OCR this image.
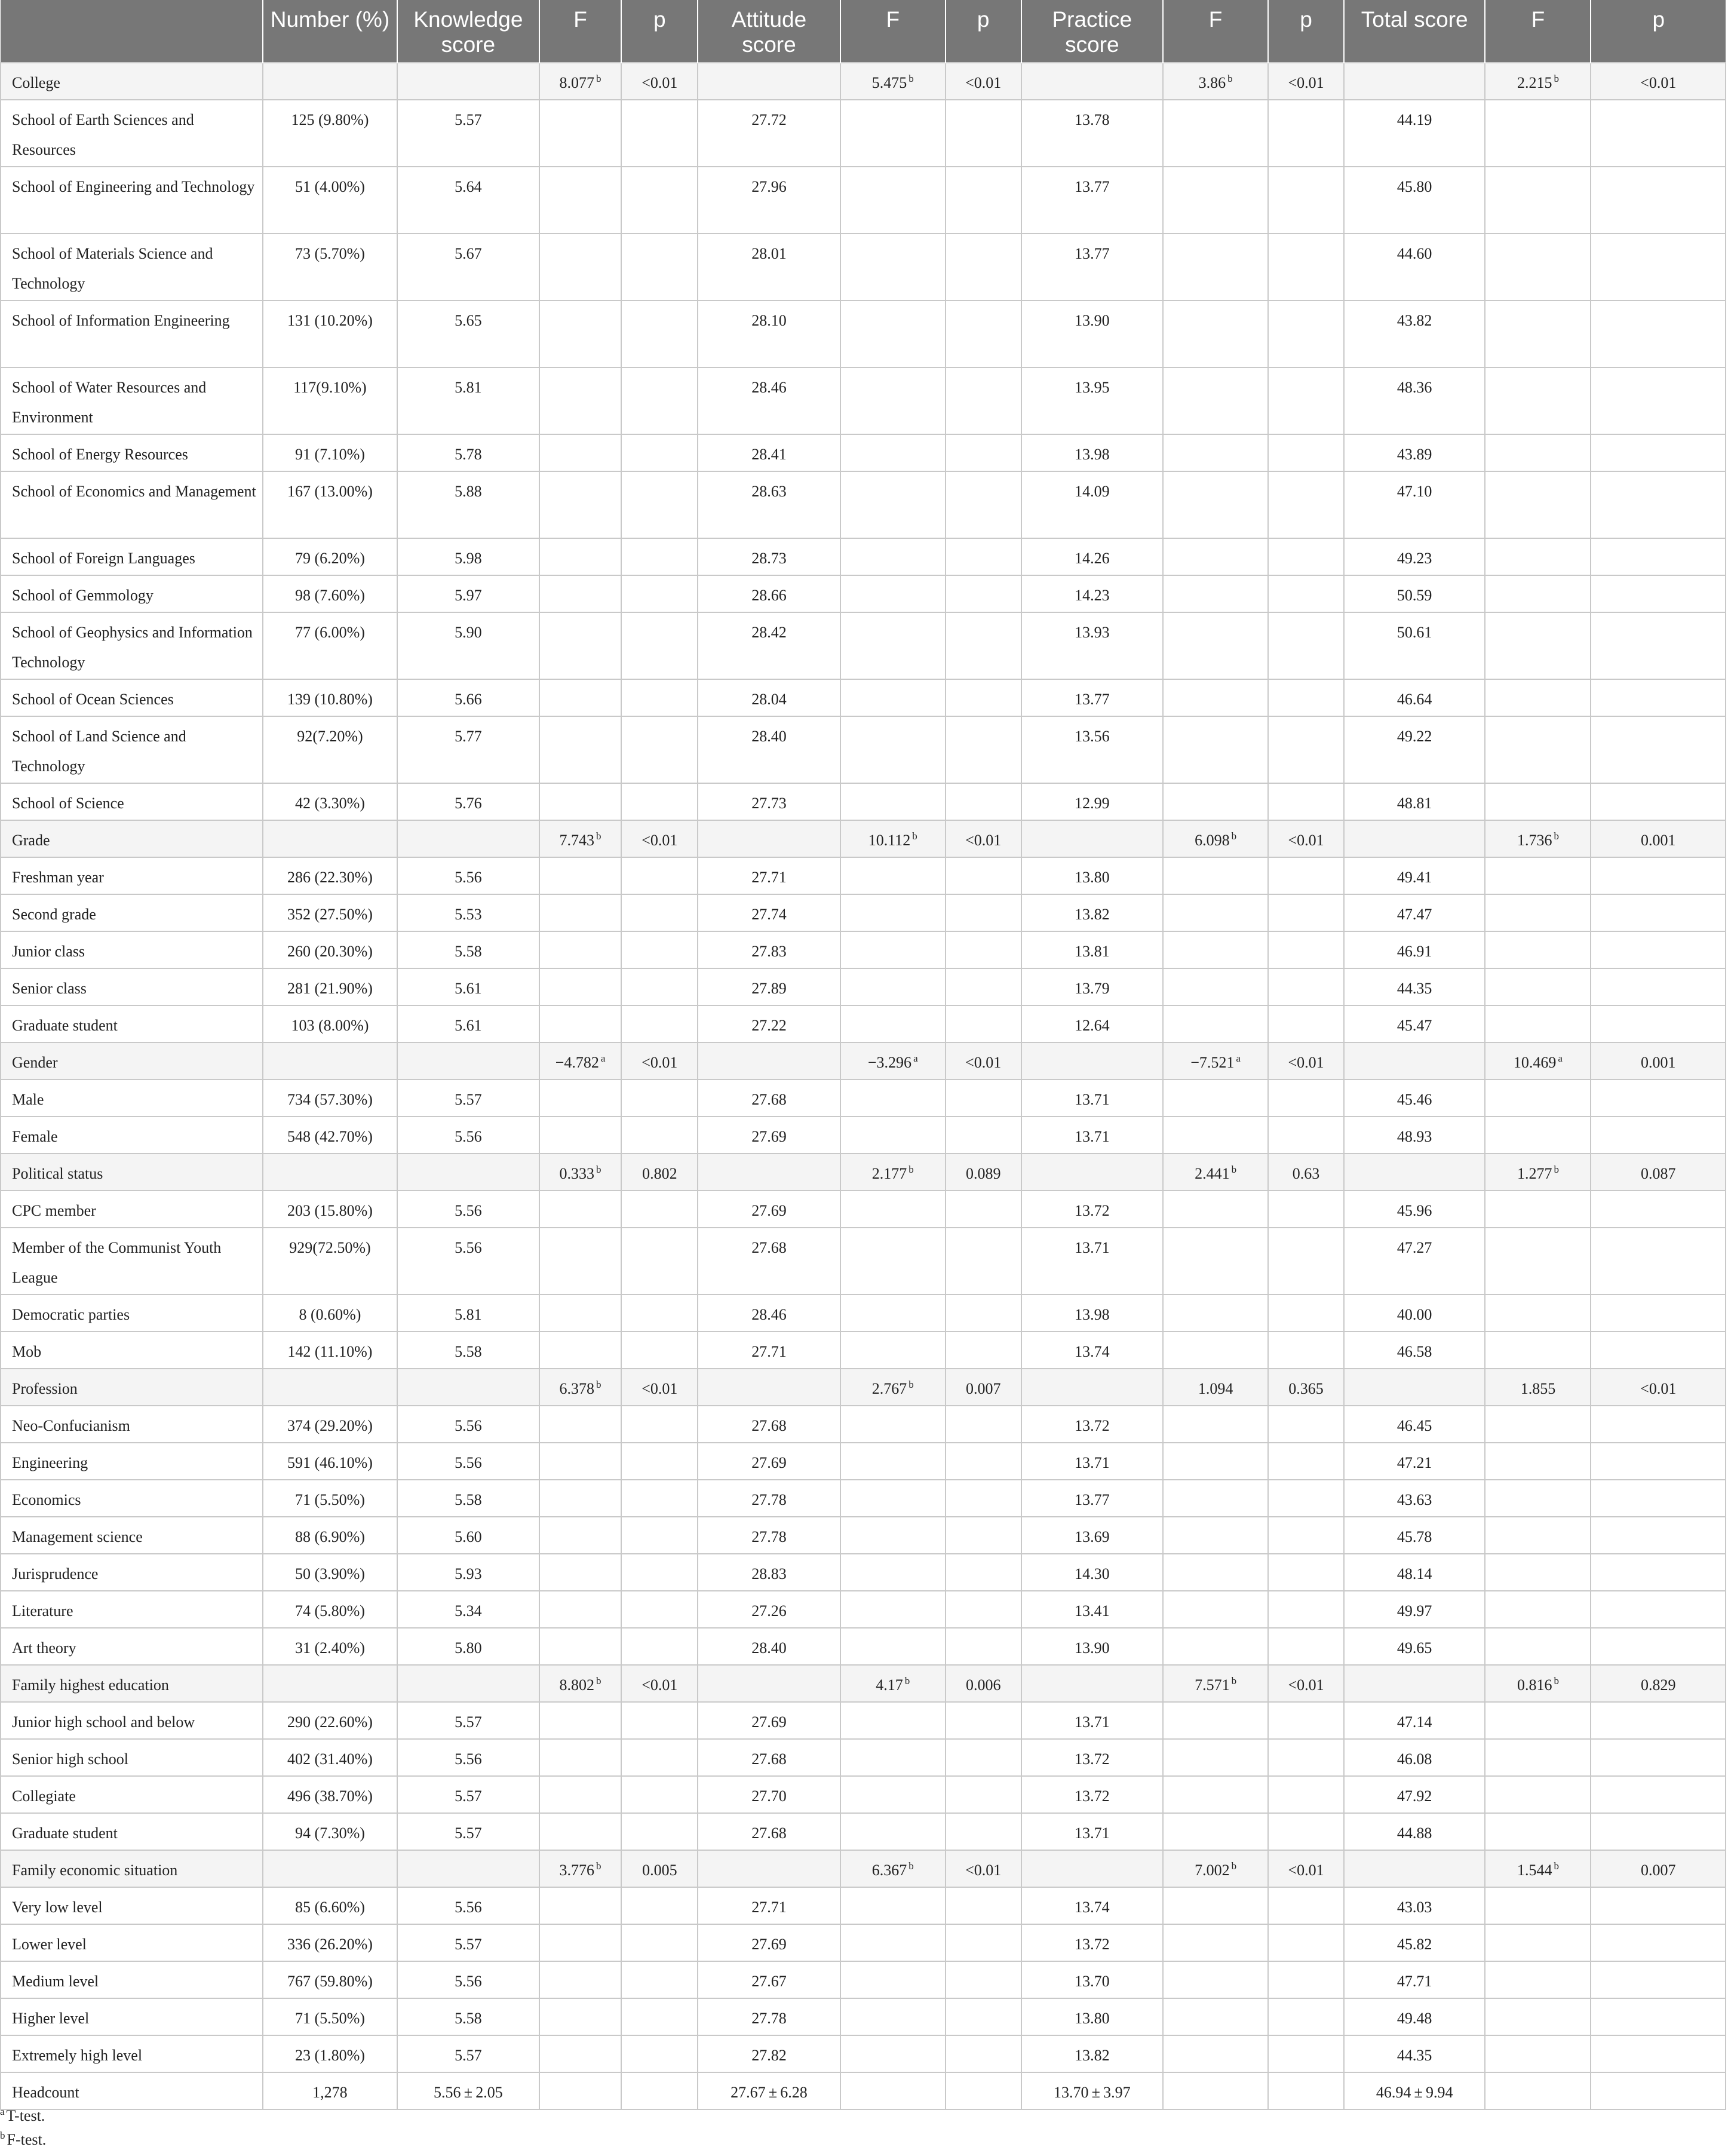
	Number (%)	Knowledge score	F	p	Attitude score	F	p	Practice score	F	p	Total score	F	p
College			8.077 $^b$	<0.01		5.475 $^b$	<0.01		3.86 $^b$	<0.01		2.215 $^b$	<0.01
School of Earth Sciences and Resources	125 (9.80%)	5.57			27.72			13.78			44.19		
School of Engineering and Technology	51 (4.00%)	5.64			27.96			13.77			45.80		
School of Materials Science and Technology	73 (5.70%)	5.67			28.01			13.77			44.60		
School of Information Engineering	131 (10.20%)	5.65			28.10			13.90			43.82		
School of Water Resources and Environment	117(9.10%)	5.81			28.46			13.95			48.36		
School of Energy Resources	91 (7.10%)	5.78			28.41			13.98			43.89		
School of Economics and Management	167 (13.00%)	5.88			28.63			14.09			47.10		
School of Foreign Languages	79 (6.20%)	5.98			28.73			14.26			49.23		
School of Gemmology	98 (7.60%)	5.97			28.66			14.23			50.59		
School of Geophysics and Information Technology	77 (6.00%)	5.90			28.42			13.93			50.61		
School of Ocean Sciences	139 (10.80%)	5.66			28.04			13.77			46.64		
School of Land Science and Technology	92(7.20%)	5.77			28.40			13.56			49.22		
School of Science	42 (3.30%)	5.76			27.73			12.99			48.81		
Grade			7.743 $^b$	<0.01		10.112 $^b$	<0.01		6.098 $^b$	<0.01		1.736 $^b$	0.001
Freshman year	286 (22.30%)	5.56			27.71			13.80			49.41		
Second grade	352 (27.50%)	5.53			27.74			13.82			47.47		
Junior class	260 (20.30%)	5.58			27.83			13.81			46.91		
Senior class	281 (21.90%)	5.61			27.89			13.79			44.35		
Graduate student	103 (8.00%)	5.61			27.22			12.64			45.47		
Gender			−4.782 $^a$	<0.01		−3.296 $^a$	<0.01		−7.521 $^a$	<0.01		10.469 $^a$	0.001
Male	734 (57.30%)	5.57			27.68			13.71			45.46		
Female	548 (42.70%)	5.56			27.69			13.71			48.93		
Political status			0.333 $^b$	0.802		2.177 $^b$	0.089		2.441 $^b$	0.63		1.277 $^b$	0.087
CPC member	203 (15.80%)	5.56			27.69			13.72			45.96		
Member of the Communist Youth League	929(72.50%)	5.56			27.68			13.71			47.27		
Democratic parties	8 (0.60%)	5.81			28.46			13.98			40.00		
Mob	142 (11.10%)	5.58			27.71			13.74			46.58		
Profession			6.378 $^b$	<0.01		2.767 $^b$	0.007		1.094	0.365		1.855	<0.01
Neo-Confucianism	374 (29.20%)	5.56			27.68			13.72			46.45		
Engineering	591 (46.10%)	5.56			27.69			13.71			47.21		
Economics	71 (5.50%)	5.58			27.78			13.77			43.63		
Management science	88 (6.90%)	5.60			27.78			13.69			45.78		
Jurisprudence	50 (3.90%)	5.93			28.83			14.30			48.14		
Literature	74 (5.80%)	5.34			27.26			13.41			49.97		
Art theory	31 (2.40%)	5.80			28.40			13.90			49.65		
Family highest education			8.802 $^b$	<0.01		4.17 $^b$	0.006		7.571 $^b$	<0.01		0.816 $^b$	0.829
Junior high school and below	290 (22.60%)	5.57			27.69			13.71			47.14		
Senior high school	402 (31.40%)	5.56			27.68			13.72			46.08		
Collegiate	496 (38.70%)	5.57			27.70			13.72			47.92		
Graduate student	94 (7.30%)	5.57			27.68			13.71			44.88		
Family economic situation			3.776 $^b$	0.005		6.367 $^b$	<0.01		7.002 $^b$	<0.01		1.544 $^b$	0.007
Very low level	85 (6.60%)	5.56			27.71			13.74			43.03		
Lower level	336 (26.20%)	5.57			27.69			13.72			45.82		
Medium level	767 (59.80%)	5.56			27.67			13.70			47.71		
Higher level	71 (5.50%)	5.58			27.78			13.80			49.48		
Extremely high level	23 (1.80%)	5.57			27.82			13.82			44.35		
Headcount	1,278	5.56 ± 2.05			27.67 ± 6.28			13.70 ± 3.97			46.94 ± 9.94		
$^a$ T-test.
$^b$ F-test.
